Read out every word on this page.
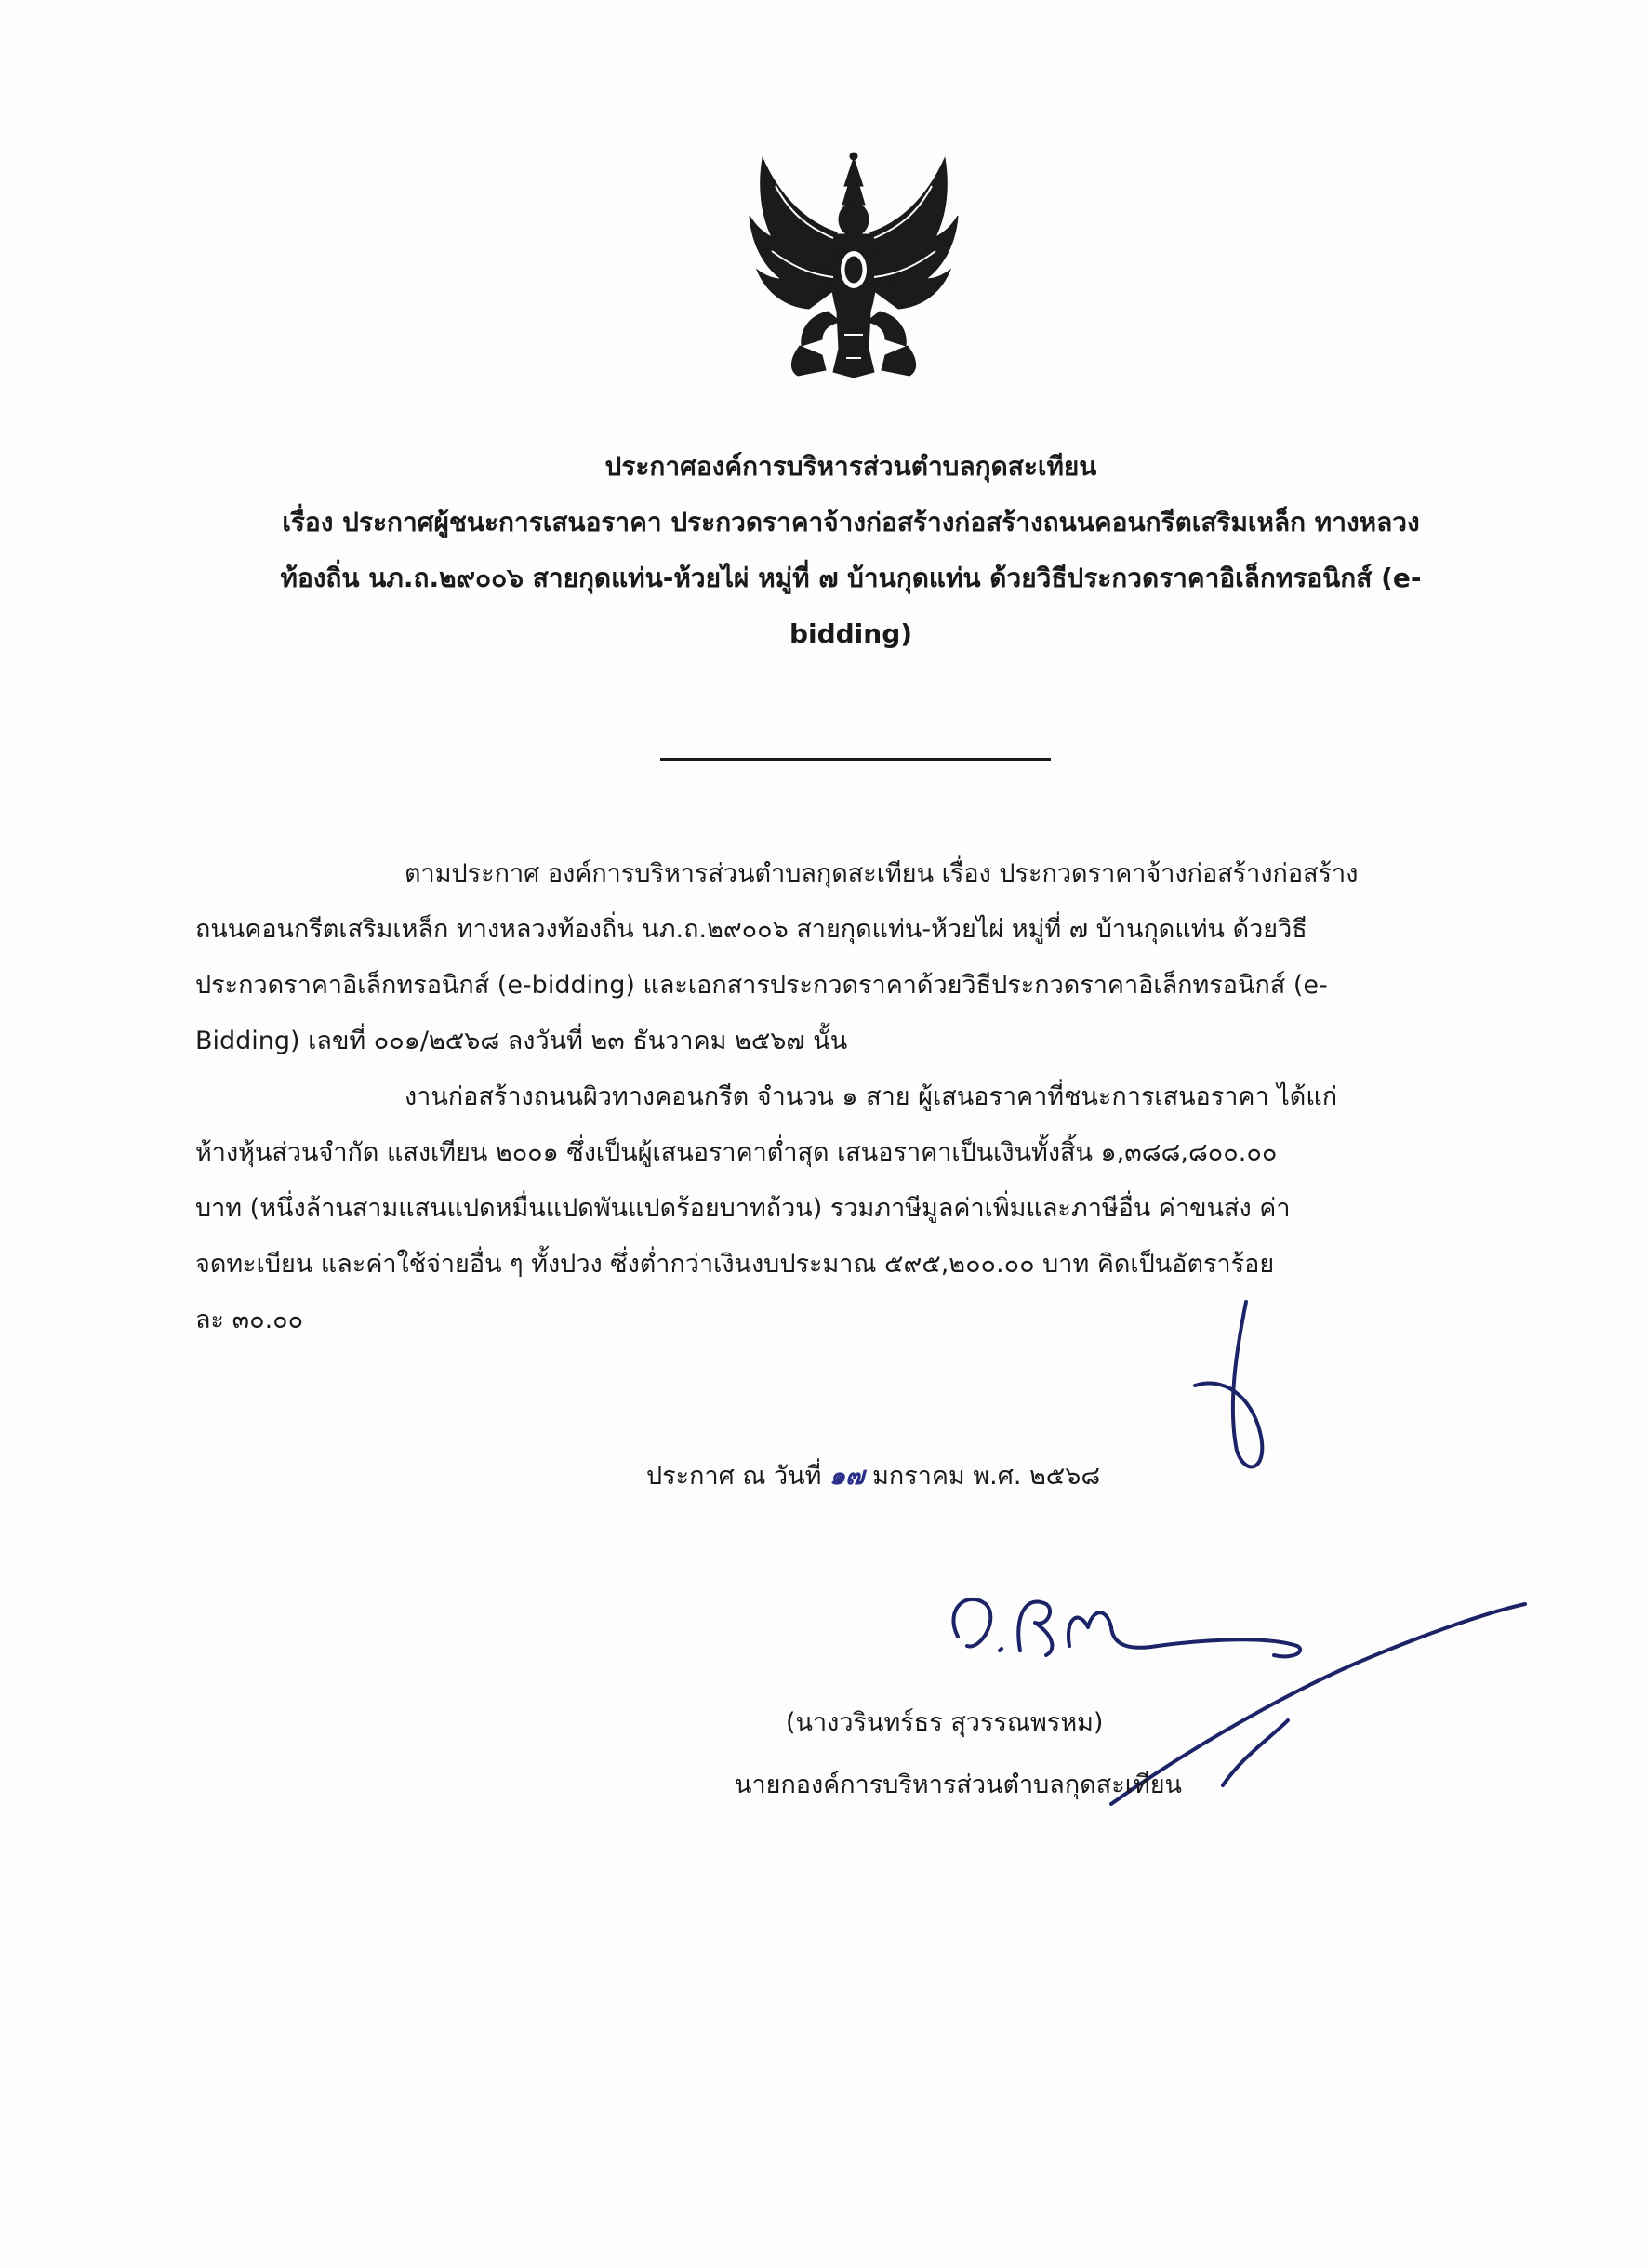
ประกาศองค์การบริหารส่วนตำบลกุดสะเทียน
เรื่อง ประกาศผู้ชนะการเสนอราคา ประกวดราคาจ้างก่อสร้างก่อสร้างถนนคอนกรีตเสริมเหล็ก ทางหลวง
ท้องถิ่น นภ.ถ.๒๙๐๐๖ สายกุดแท่น-ห้วยไผ่ หมู่ที่ ๗ บ้านกุดแท่น ด้วยวิธีประกวดราคาอิเล็กทรอนิกส์ (e-
bidding)
ตามประกาศ องค์การบริหารส่วนตำบลกุดสะเทียน เรื่อง ประกวดราคาจ้างก่อสร้างก่อสร้าง
ถนนคอนกรีตเสริมเหล็ก ทางหลวงท้องถิ่น นภ.ถ.๒๙๐๐๖ สายกุดแท่น-ห้วยไผ่ หมู่ที่ ๗ บ้านกุดแท่น ด้วยวิธี
ประกวดราคาอิเล็กทรอนิกส์ (e-bidding) และเอกสารประกวดราคาด้วยวิธีประกวดราคาอิเล็กทรอนิกส์ (e-
Bidding) เลขที่ ๐๐๑/๒๕๖๘ ลงวันที่ ๒๓ ธันวาคม ๒๕๖๗ นั้น
งานก่อสร้างถนนผิวทางคอนกรีต จำนวน ๑ สาย ผู้เสนอราคาที่ชนะการเสนอราคา ได้แก่
ห้างหุ้นส่วนจำกัด แสงเทียน ๒๐๐๑ ซึ่งเป็นผู้เสนอราคาต่ำสุด เสนอราคาเป็นเงินทั้งสิ้น ๑,๓๘๘,๘๐๐.๐๐
บาท (หนึ่งล้านสามแสนแปดหมื่นแปดพันแปดร้อยบาทถ้วน) รวมภาษีมูลค่าเพิ่มและภาษีอื่น ค่าขนส่ง ค่า
จดทะเบียน และค่าใช้จ่ายอื่น ๆ ทั้งปวง ซึ่งต่ำกว่าเงินงบประมาณ ๕๙๕,๒๐๐.๐๐ บาท คิดเป็นอัตราร้อย
ละ ๓๐.๐๐
ประกาศ ณ วันที่ ๑๗ มกราคม พ.ศ. ๒๕๖๘
(นางวรินทร์ธร สุวรรณพรหม)
นายกองค์การบริหารส่วนตำบลกุดสะเทียน
